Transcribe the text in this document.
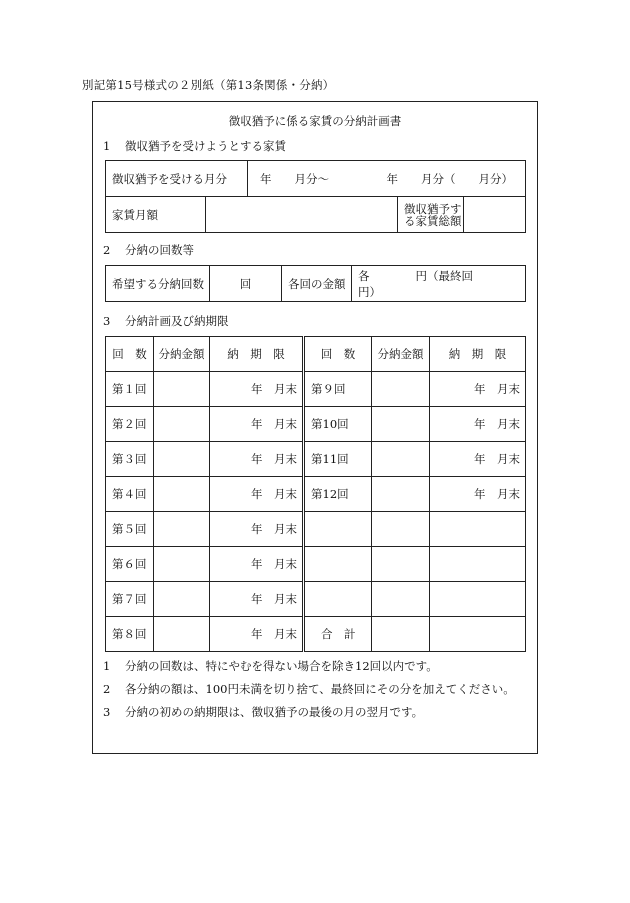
別記第15号様式の２別紙（第13条関係・分納）
徴収猶予に係る家賃の分納計画書
1 徴収猶予を受けようとする家賃
徴収猶予を受ける月分		年　　月分〜　　　　　年　　月分（　　月分）		
家賃月額			徴収猶予する家賃総額	
2 分納の回数等
希望する分納回数	回	各回の金額	各　　　　円（最終回　　　　円）
3 分納計画及び納期限
回　数	分納金額	納　期　限	回　数	分納金額	納　期　限
第１回		年　月末	第９回		年　月末
第２回		年　月末	第10回		年　月末
第３回		年　月末	第11回		年　月末
第４回		年　月末	第12回		年　月末
第５回		年　月末			
第６回		年　月末			
第７回		年　月末			
第８回		年　月末	合　計		
1 分納の回数は、特にやむを得ない場合を除き12回以内です。
2 各分納の額は、100円未満を切り捨て、最終回にその分を加えてください。
3 分納の初めの納期限は、徴収猶予の最後の月の翌月です。
